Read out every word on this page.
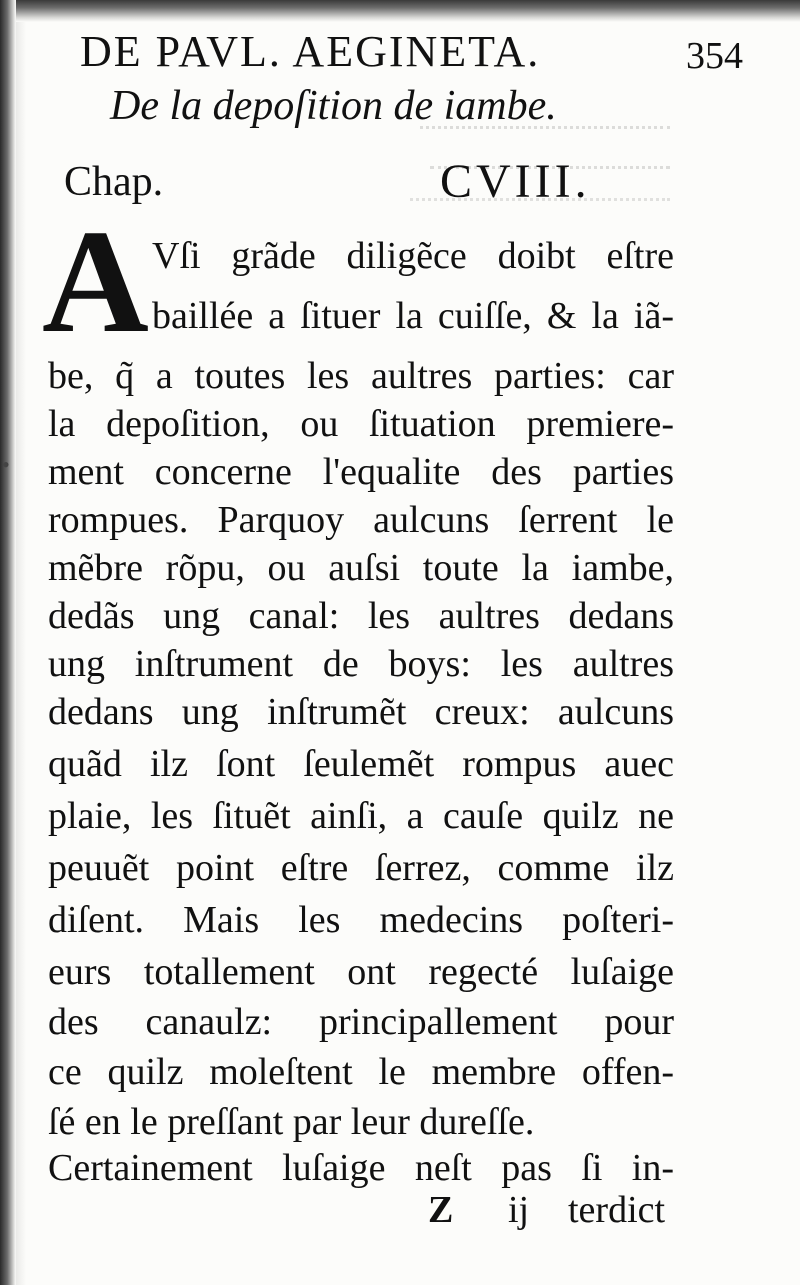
•
DE PAVL. AEGINETA.	354
De la depoſition de iambe.
Chap.	CVIII.
A Vſi grãde diligẽce doibt eſtre
baillée a ſituer la cuiſſe, & la iã-
be, q̃ a toutes les aultres parties: car
la depoſition, ou ſituation premiere-
ment concerne l'equalite des parties
rompues. Parquoy aulcuns ſerrent le
mẽbre rõpu, ou auſsi toute la iambe,
dedãs ung canal: les aultres dedans
ung inſtrument de boys: les aultres
dedans ung inſtrumẽt creux: aulcuns
quãd ilz ſont ſeulemẽt rompus auec
plaie, les ſituẽt ainſi, a cauſe quilz ne
peuuẽt point eſtre ſerrez, comme ilz
diſent. Mais les medecins poſteri-
eurs totallement ont regecté luſaige
des canaulz: principallement pour
ce quilz moleſtent le membre offen-
ſé en le preſſant par leur dureſſe.
Certainement luſaige neſt pas ſi in-
Z ij terdict
